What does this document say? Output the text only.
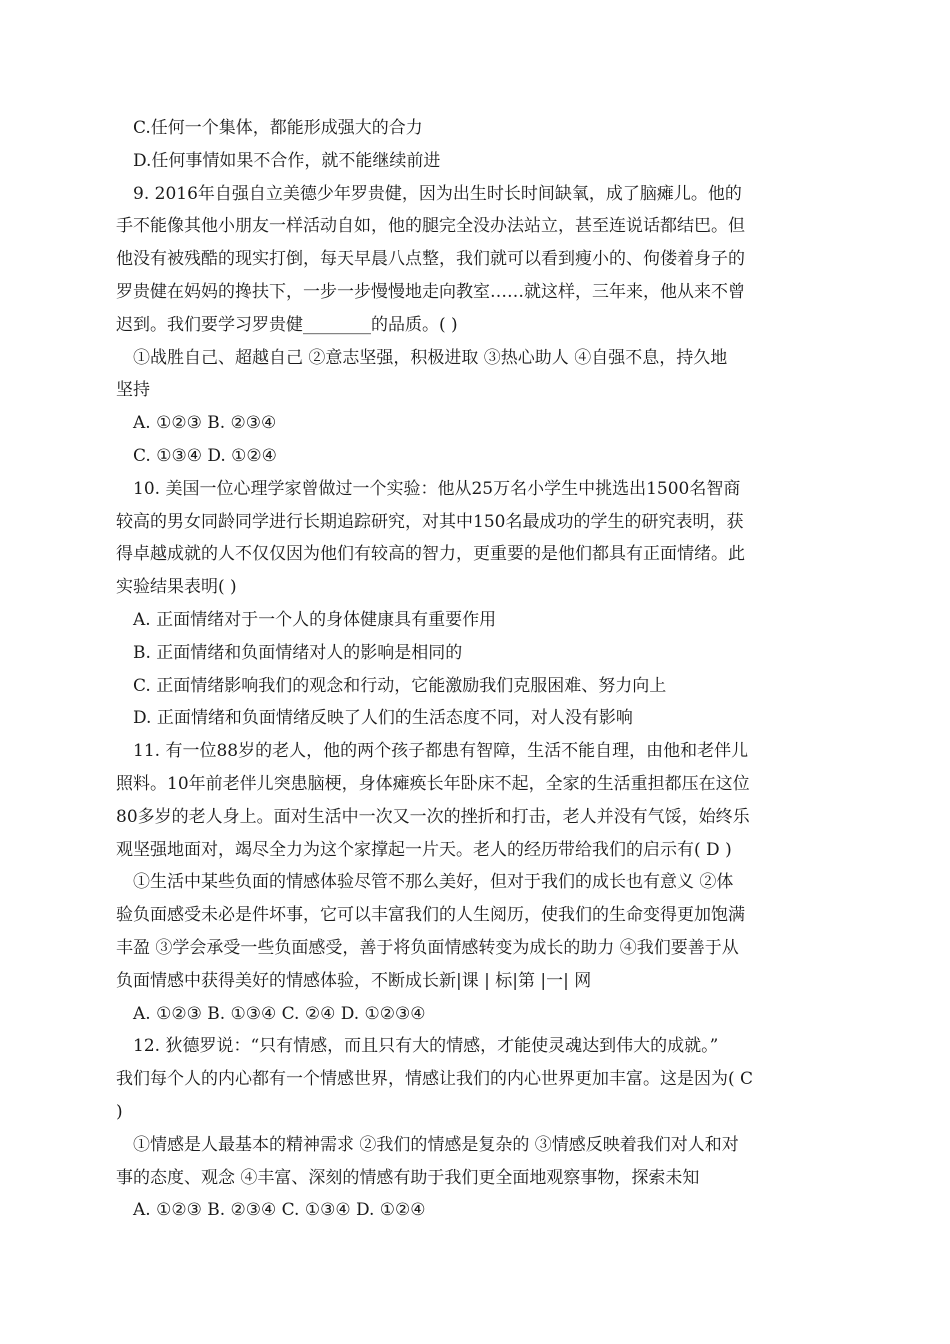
C.任何一个集体，都能形成强大的合力

D.任何事情如果不合作，就不能继续前进

9. 2016年自强自立美德少年罗贵健，因为出生时长时间缺氧，成了脑瘫儿。他的

手不能像其他小朋友一样活动自如，他的腿完全没办法站立，甚至连说话都结巴。但

他没有被残酷的现实打倒，每天早晨八点整，我们就可以看到瘦小的、佝偻着身子的

罗贵健在妈妈的搀扶下，一步一步慢慢地走向教室……就这样，三年来，他从来不曾

迟到。我们要学习罗贵健________的品质。( )

①战胜自己、超越自己 ②意志坚强，积极进取 ③热心助人 ④自强不息，持久地

坚持

A. ①②③ B. ②③④

C. ①③④ D. ①②④

10. 美国一位心理学家曾做过一个实验：他从25万名小学生中挑选出1500名智商

较高的男女同龄同学进行长期追踪研究，对其中150名最成功的学生的研究表明，获

得卓越成就的人不仅仅因为他们有较高的智力，更重要的是他们都具有正面情绪。此

实验结果表明( )

A. 正面情绪对于一个人的身体健康具有重要作用

B. 正面情绪和负面情绪对人的影响是相同的

C. 正面情绪影响我们的观念和行动，它能激励我们克服困难、努力向上

D. 正面情绪和负面情绪反映了人们的生活态度不同，对人没有影响

11. 有一位88岁的老人，他的两个孩子都患有智障，生活不能自理，由他和老伴儿

照料。10年前老伴儿突患脑梗，身体瘫痪长年卧床不起，全家的生活重担都压在这位

80多岁的老人身上。面对生活中一次又一次的挫折和打击，老人并没有气馁，始终乐

观坚强地面对，竭尽全力为这个家撑起一片天。老人的经历带给我们的启示有( D )

①生活中某些负面的情感体验尽管不那么美好，但对于我们的成长也有意义 ②体

验负面感受未必是件坏事，它可以丰富我们的人生阅历，使我们的生命变得更加饱满

丰盈 ③学会承受一些负面感受，善于将负面情感转变为成长的助力 ④我们要善于从

负面情感中获得美好的情感体验，不断成长新|课 | 标|第 |一| 网

A. ①②③ B. ①③④ C. ②④ D. ①②③④

12. 狄德罗说：“只有情感，而且只有大的情感，才能使灵魂达到伟大的成就。”

我们每个人的内心都有一个情感世界，情感让我们的内心世界更加丰富。这是因为( C

)

①情感是人最基本的精神需求 ②我们的情感是复杂的 ③情感反映着我们对人和对

事的态度、观念 ④丰富、深刻的情感有助于我们更全面地观察事物，探索未知

A. ①②③ B. ②③④ C. ①③④ D. ①②④
